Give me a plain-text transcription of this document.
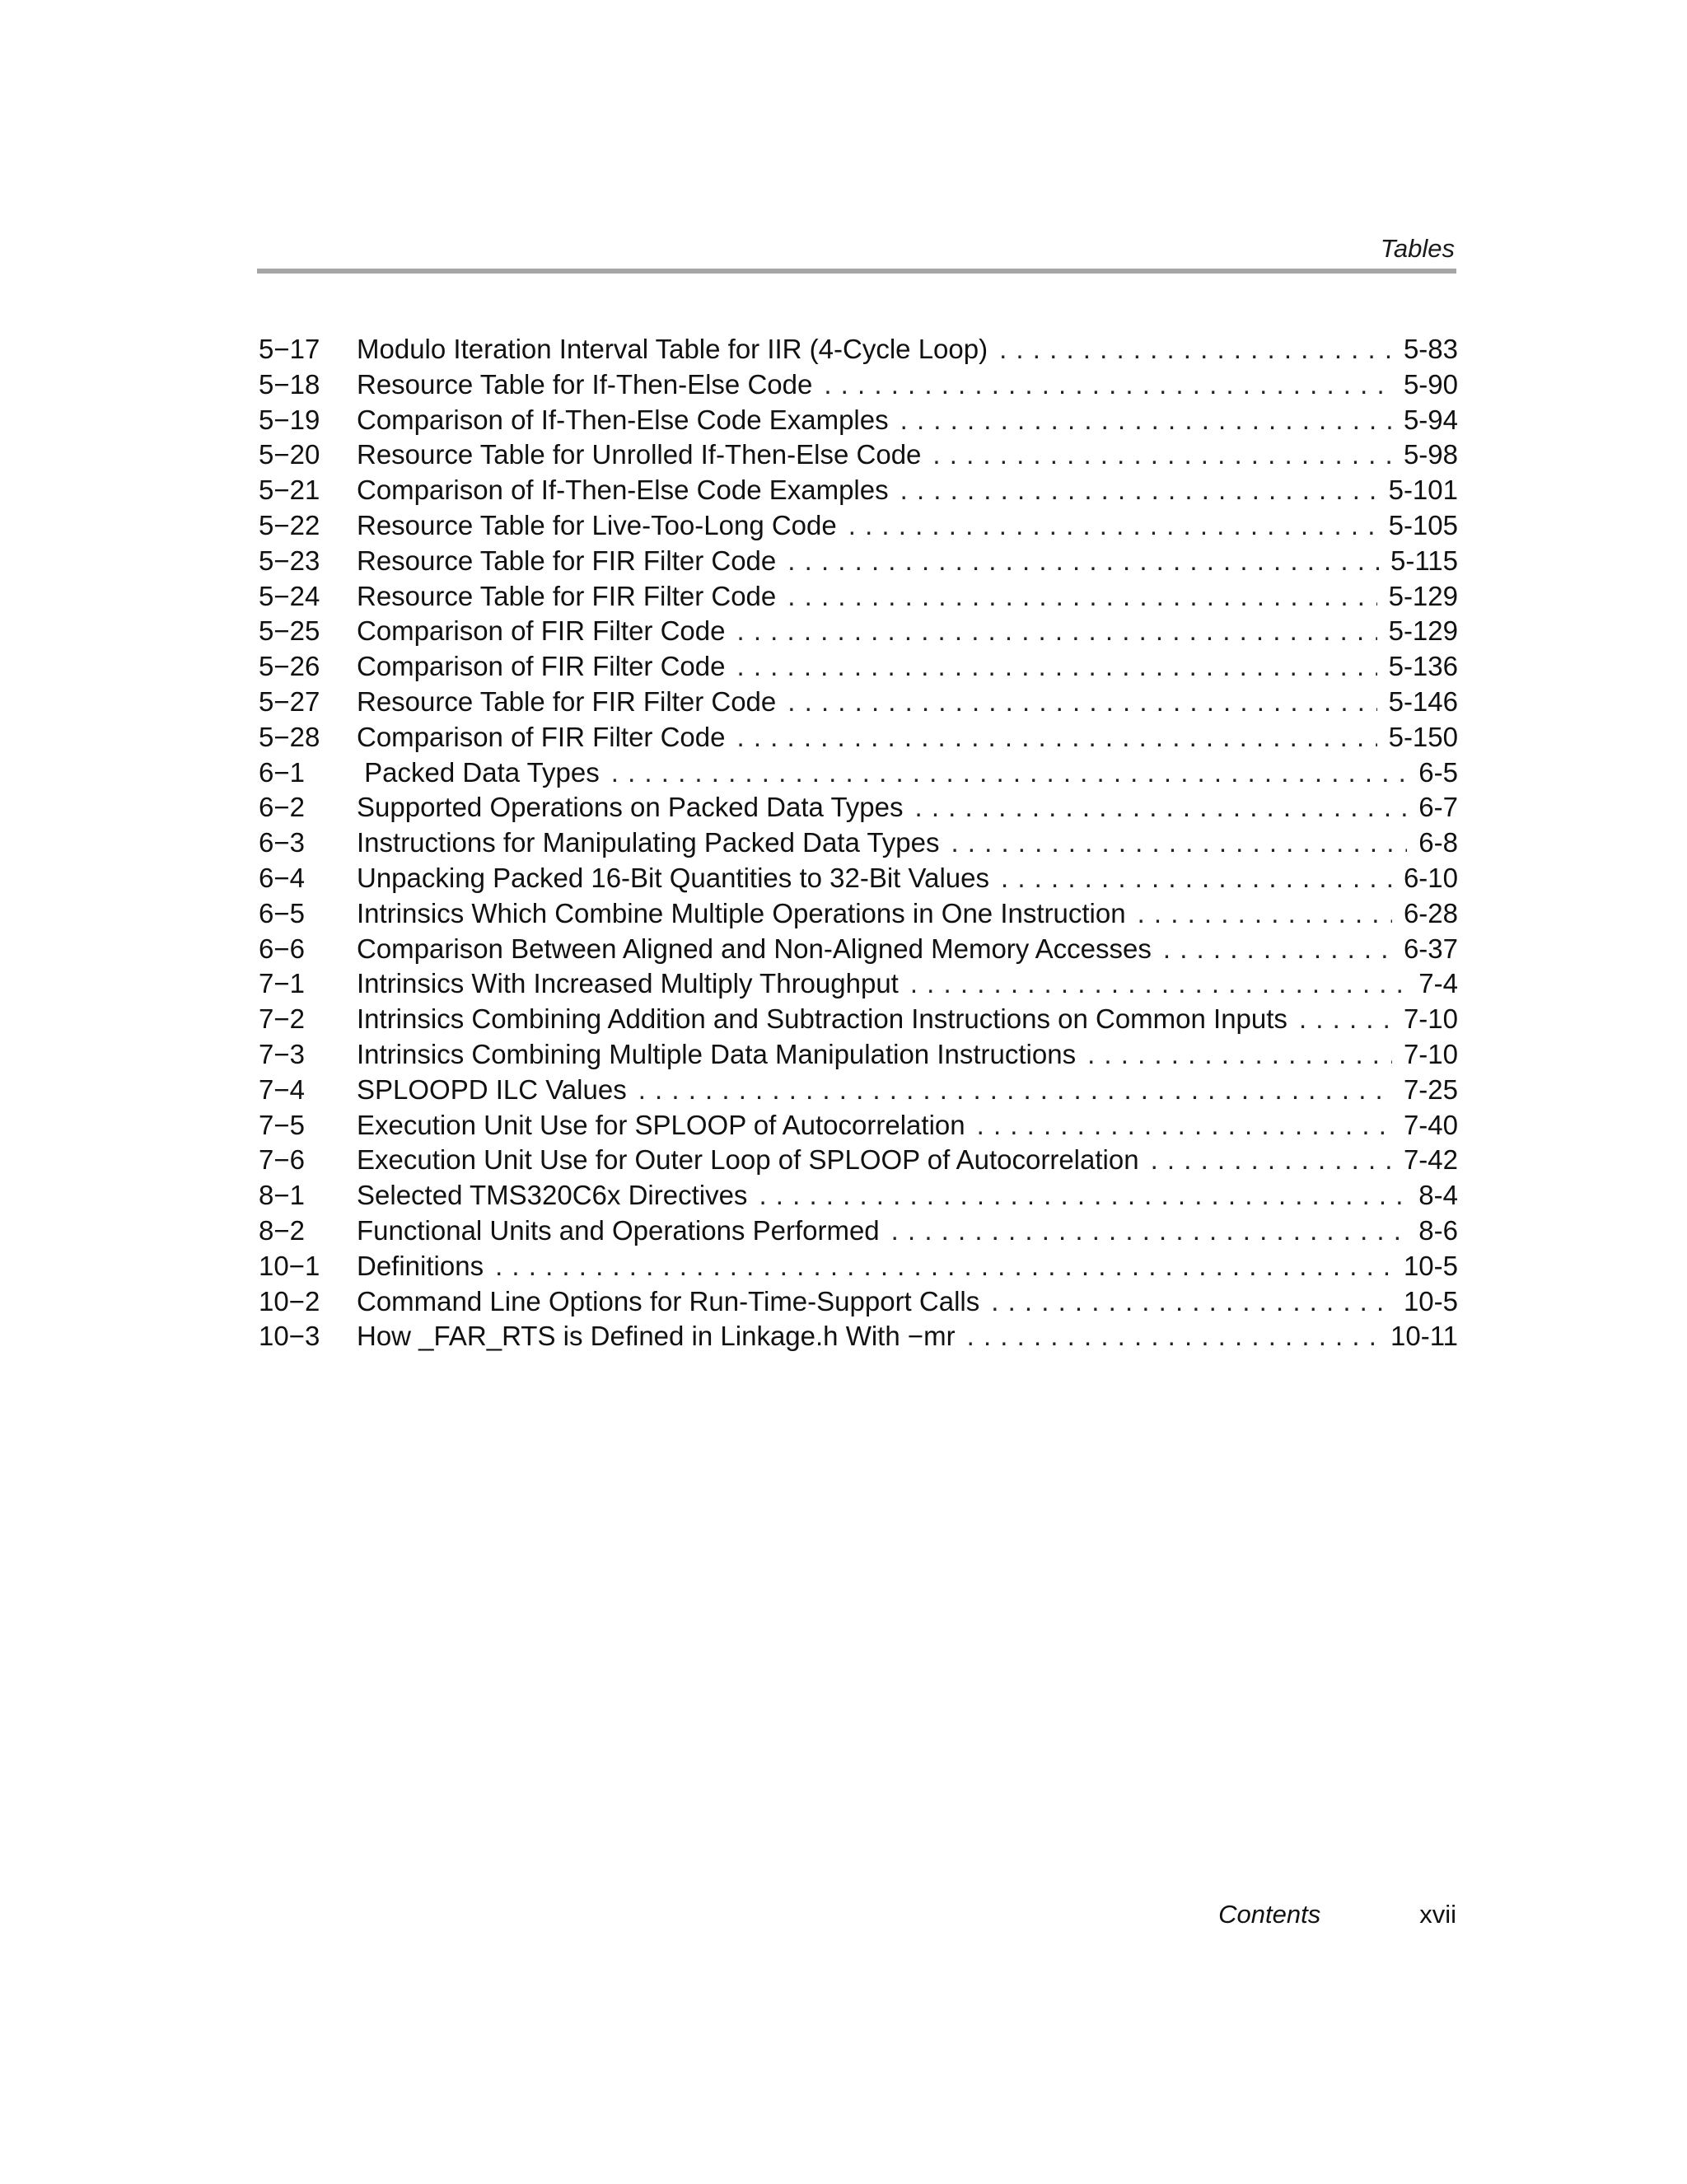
Tables
5−17	Modulo Iteration Interval Table for IIR (4-Cycle Loop) . . .	5-83
5−18	Resource Table for If-Then-Else Code . . .	5-90
5−19	Comparison of If-Then-Else Code Examples . . .	5-94
5−20	Resource Table for Unrolled If-Then-Else Code . . .	5-98
5−21	Comparison of If-Then-Else Code Examples . . .	5-101
5−22	Resource Table for Live-Too-Long Code . . .	5-105
5−23	Resource Table for FIR Filter Code . . .	5-115
5−24	Resource Table for FIR Filter Code . . .	5-129
5−25	Comparison of FIR Filter Code . . .	5-129
5−26	Comparison of FIR Filter Code . . .	5-136
5−27	Resource Table for FIR Filter Code . . .	5-146
5−28	Comparison of FIR Filter Code . . .	5-150
6−1	Packed Data Types . . .	6-5
6−2	Supported Operations on Packed Data Types . . .	6-7
6−3	Instructions for Manipulating Packed Data Types . . .	6-8
6−4	Unpacking Packed 16-Bit Quantities to 32-Bit Values . . .	6-10
6−5	Intrinsics Which Combine Multiple Operations in One Instruction . . .	6-28
6−6	Comparison Between Aligned and Non-Aligned Memory Accesses . . .	6-37
7−1	Intrinsics With Increased Multiply Throughput . . .	7-4
7−2	Intrinsics Combining Addition and Subtraction Instructions on Common Inputs . . .	7-10
7−3	Intrinsics Combining Multiple Data Manipulation Instructions . . .	7-10
7−4	SPLOOPD ILC Values . . .	7-25
7−5	Execution Unit Use for SPLOOP of Autocorrelation . . .	7-40
7−6	Execution Unit Use for Outer Loop of SPLOOP of Autocorrelation . . .	7-42
8−1	Selected TMS320C6x Directives . . .	8-4
8−2	Functional Units and Operations Performed . . .	8-6
10−1	Definitions . . .	10-5
10−2	Command Line Options for Run-Time-Support Calls . . .	10-5
10−3	How _FAR_RTS is Defined in Linkage.h With −mr . . .	10-11
Contents	xvii
